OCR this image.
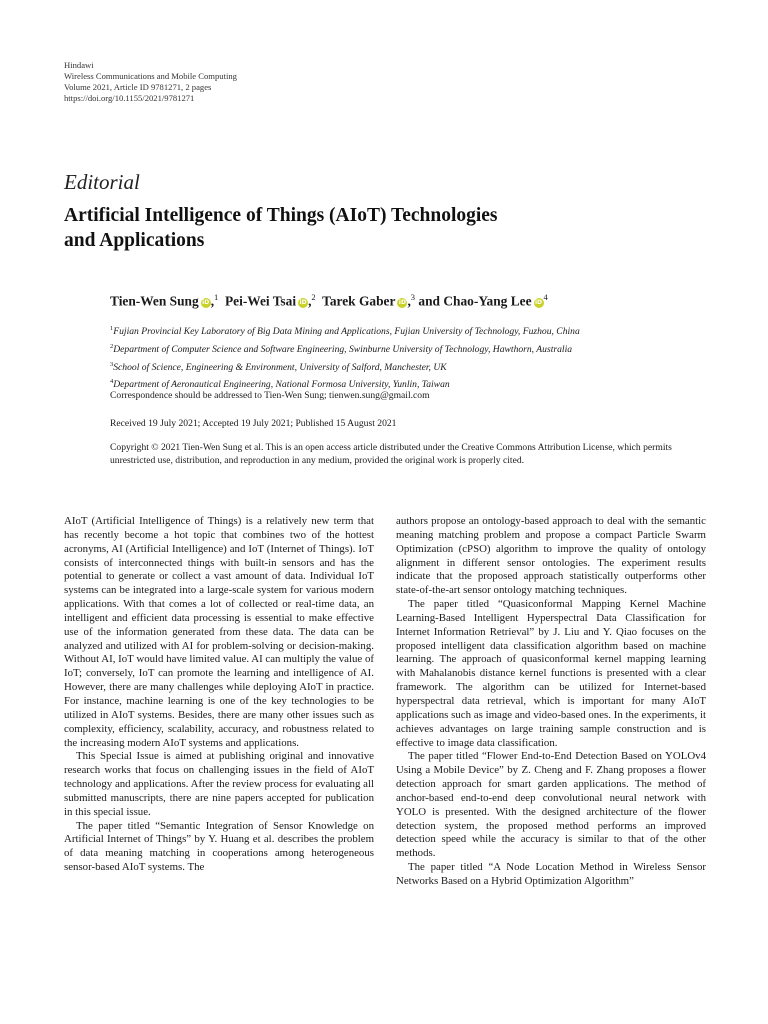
Hindawi
Wireless Communications and Mobile Computing
Volume 2021, Article ID 9781271, 2 pages
https://doi.org/10.1155/2021/9781271
Editorial
Artificial Intelligence of Things (AIoT) Technologies
and Applications
Tien-Wen Sung iD,$^1$ Pei-Wei Tsai iD,$^2$ Tarek Gaber iD,$^3$ and Chao-Yang Lee $iD^4$
$^1$Fujian Provincial Key Laboratory of Big Data Mining and Applications, Fujian University of Technology, Fuzhou, China
$^2$Department of Computer Science and Software Engineering, Swinburne University of Technology, Hawthorn, Australia
$^3$School of Science, Engineering & Environment, University of Salford, Manchester, UK
$^4$Department of Aeronautical Engineering, National Formosa University, Yunlin, Taiwan
Correspondence should be addressed to Tien-Wen Sung; tienwen.sung@gmail.com
Received 19 July 2021; Accepted 19 July 2021; Published 15 August 2021
Copyright © 2021 Tien-Wen Sung et al. This is an open access article distributed under the Creative Commons Attribution License, which permits unrestricted use, distribution, and reproduction in any medium, provided the original work is properly cited.

AIoT (Artificial Intelligence of Things) is a relatively new term that has recently become a hot topic that combines two of the hottest acronyms, AI (Artificial Intelligence) and IoT (Internet of Things). IoT consists of interconnected things with built-in sensors and has the potential to generate or collect a vast amount of data. Individual IoT systems can be integrated into a large-scale system for various modern applications. With that comes a lot of collected or real-time data, an intelligent and efficient data processing is essential to make effective use of the information generated from these data. The data can be analyzed and utilized with AI for problem-solving or decision-making. Without AI, IoT would have limited value. AI can multiply the value of IoT; conversely, IoT can promote the learning and intelligence of AI. However, there are many challenges while deploying AIoT in practice. For instance, machine learning is one of the key technologies to be utilized in AIoT systems. Besides, there are many other issues such as complexity, efficiency, scalability, accuracy, and robustness related to the increasing modern AIoT systems and applications.

This Special Issue is aimed at publishing original and innovative research works that focus on challenging issues in the field of AIoT technology and applications. After the review process for evaluating all submitted manuscripts, there are nine papers accepted for publication in this special issue.

The paper titled “Semantic Integration of Sensor Knowledge on Artificial Internet of Things” by Y. Huang et al. describes the problem of data meaning matching in cooperations among heterogeneous sensor-based AIoT systems. The

authors propose an ontology-based approach to deal with the semantic meaning matching problem and propose a compact Particle Swarm Optimization (cPSO) algorithm to improve the quality of ontology alignment in different sensor ontologies. The experiment results indicate that the proposed approach statistically outperforms other state-of-the-art sensor ontology matching techniques.

The paper titled “Quasiconformal Mapping Kernel Machine Learning-Based Intelligent Hyperspectral Data Classification for Internet Information Retrieval” by J. Liu and Y. Qiao focuses on the proposed intelligent data classification algorithm based on machine learning. The approach of quasiconformal kernel mapping learning with Mahalanobis distance kernel functions is presented with a clear framework. The algorithm can be utilized for Internet-based hyperspectral data retrieval, which is important for many AIoT applications such as image and video-based ones. In the experiments, it achieves advantages on large training sample construction and is effective to image data classification.

The paper titled “Flower End-to-End Detection Based on YOLOv4 Using a Mobile Device” by Z. Cheng and F. Zhang proposes a flower detection approach for smart garden applications. The method of anchor-based end-to-end deep convolutional neural network with YOLO is presented. With the designed architecture of the flower detection system, the proposed method performs an improved detection speed while the accuracy is similar to that of the other methods.

The paper titled “A Node Location Method in Wireless Sensor Networks Based on a Hybrid Optimization Algorithm”
